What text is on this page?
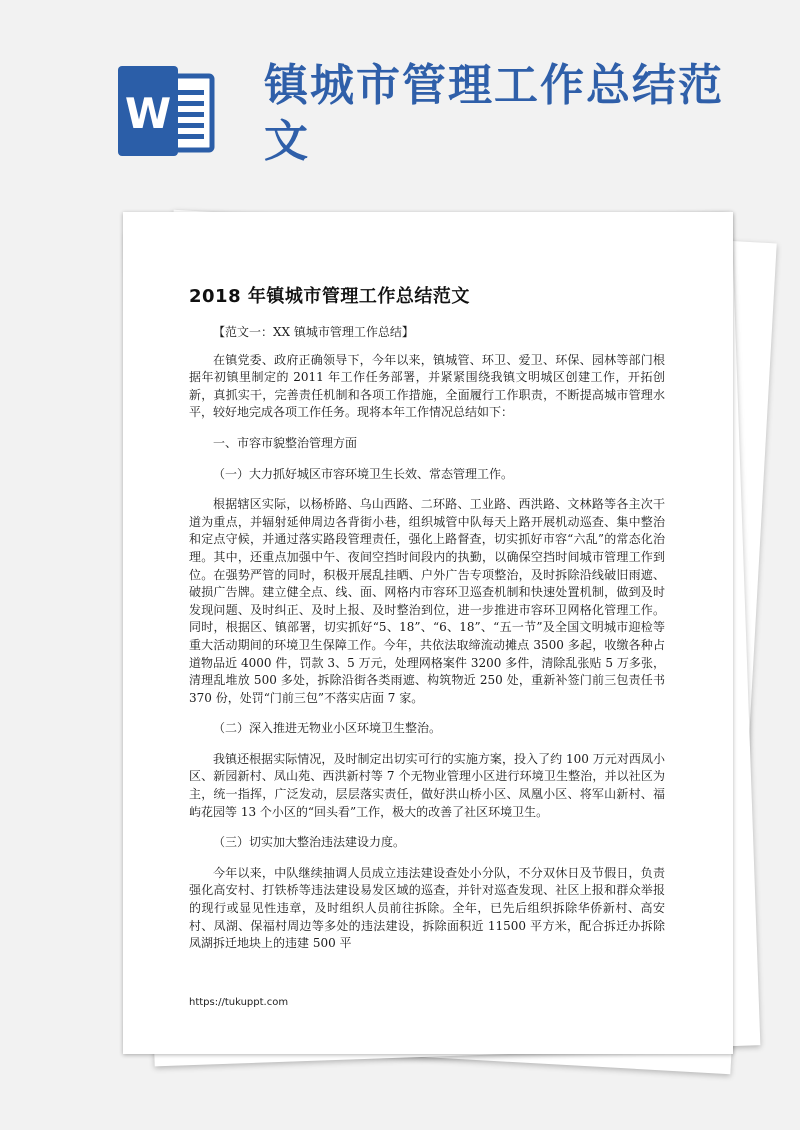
W
镇城市管理工作总结范文
2018 年镇城市管理工作总结范文

【范文一：XX 镇城市管理工作总结】

在镇党委、政府正确领导下，今年以来，镇城管、环卫、爱卫、环保、园林等部门根据年初镇里制定的 2011 年工作任务部署，并紧紧围绕我镇文明城区创建工作，开拓创新，真抓实干，完善责任机制和各项工作措施，全面履行工作职责，不断提高城市管理水平，较好地完成各项工作任务。现将本年工作情况总结如下：

一、市容市貌整治管理方面

（一）大力抓好城区市容环境卫生长效、常态管理工作。

根据辖区实际，以杨桥路、乌山西路、二环路、工业路、西洪路、文林路等各主次干道为重点，并辐射延伸周边各背街小巷，组织城管中队每天上路开展机动巡查、集中整治和定点守候，并通过落实路段管理责任，强化上路督查，切实抓好市容“六乱”的常态化治理。其中，还重点加强中午、夜间空挡时间段内的执勤，以确保空挡时间城市管理工作到位。在强势严管的同时，积极开展乱挂晒、户外广告专项整治，及时拆除沿线破旧雨遮、破损广告牌。建立健全点、线、面、网格内市容环卫巡查机制和快速处置机制，做到及时发现问题、及时纠正、及时上报、及时整治到位，进一步推进市容环卫网格化管理工作。同时，根据区、镇部署，切实抓好“5、18”、“6、18”、“五一节”及全国文明城市迎检等重大活动期间的环境卫生保障工作。今年，共依法取缔流动摊点 3500 多起，收缴各种占道物品近 4000 件，罚款 3、5 万元，处理网格案件 3200 多件，清除乱张贴 5 万多张，清理乱堆放 500 多处，拆除沿街各类雨遮、构筑物近 250 处，重新补签门前三包责任书 370 份，处罚“门前三包”不落实店面 7 家。

（二）深入推进无物业小区环境卫生整治。

我镇还根据实际情况，及时制定出切实可行的实施方案，投入了约 100 万元对西凤小区、新园新村、凤山苑、西洪新村等 7 个无物业管理小区进行环境卫生整治，并以社区为主，统一指挥，广泛发动，层层落实责任，做好洪山桥小区、凤凰小区、将军山新村、福屿花园等 13 个小区的“回头看”工作，极大的改善了社区环境卫生。

（三）切实加大整治违法建设力度。

今年以来，中队继续抽调人员成立违法建设查处小分队，不分双休日及节假日，负责强化高安村、打铁桥等违法建设易发区域的巡查，并针对巡查发现、社区上报和群众举报的现行或显见性违章，及时组织人员前往拆除。全年，已先后组织拆除华侨新村、高安村、凤湖、保福村周边等多处的违法建设，拆除面积近 11500 平方米，配合拆迁办拆除凤湖拆迁地块上的违建 500 平

https://tukuppt.com
